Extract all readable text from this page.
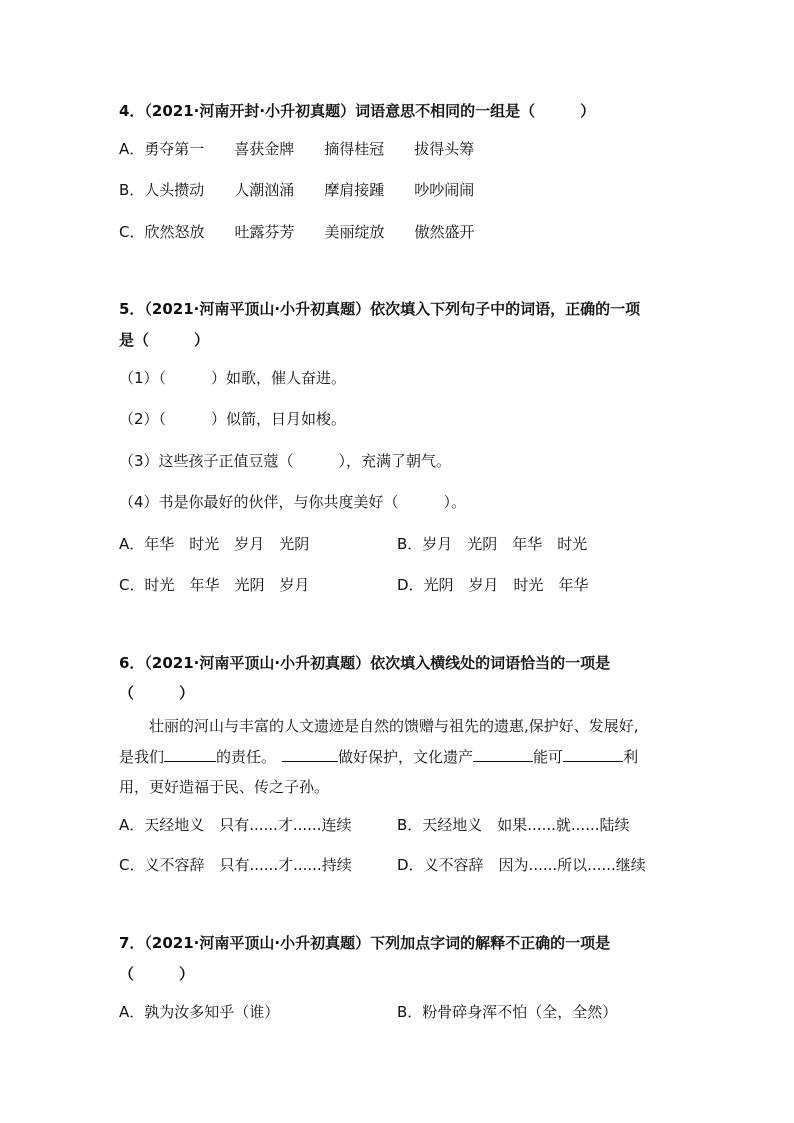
4．（2021·河南开封·小升初真题）词语意思不相同的一组是（　　　）
A．勇夺第一　　喜获金牌　　摘得桂冠　　拔得头筹
B．人头攒动　　人潮汹涌　　摩肩接踵　　吵吵闹闹
C．欣然怒放　　吐露芬芳　　美丽绽放　　傲然盛开
5．（2021·河南平顶山·小升初真题）依次填入下列句子中的词语，正确的一项
是（　　　）
（1）（　　　）如歌，催人奋进。
（2）（　　　）似箭，日月如梭。
（3）这些孩子正值豆蔻（　　　），充满了朝气。
（4）书是你最好的伙伴，与你共度美好（　　　）。
A．年华　时光　岁月　光阴	B．岁月　光阴　年华　时光
C．时光　年华　光阴　岁月	D．光阴　岁月　时光　年华
6．（2021·河南平顶山·小升初真题）依次填入横线处的词语恰当的一项是
（　　　）
　　壮丽的河山与丰富的人文遗迹是自然的馈赠与祖先的遗惠,保护好、发展好,
是我们	的责任。	做好保护，文化遗产	能可	利
用，更好造福于民、传之子孙。
A．天经地义　只有......才......连续	B．天经地义　如果......就......陆续
C．义不容辞　只有......才......持续	D．义不容辞　因为......所以......继续
7．（2021·河南平顶山·小升初真题）下列加点字词的解释不正确的一项是
（　　　）
A．孰为汝多知乎（谁）	B．粉骨碎身浑不怕（全，全然）
